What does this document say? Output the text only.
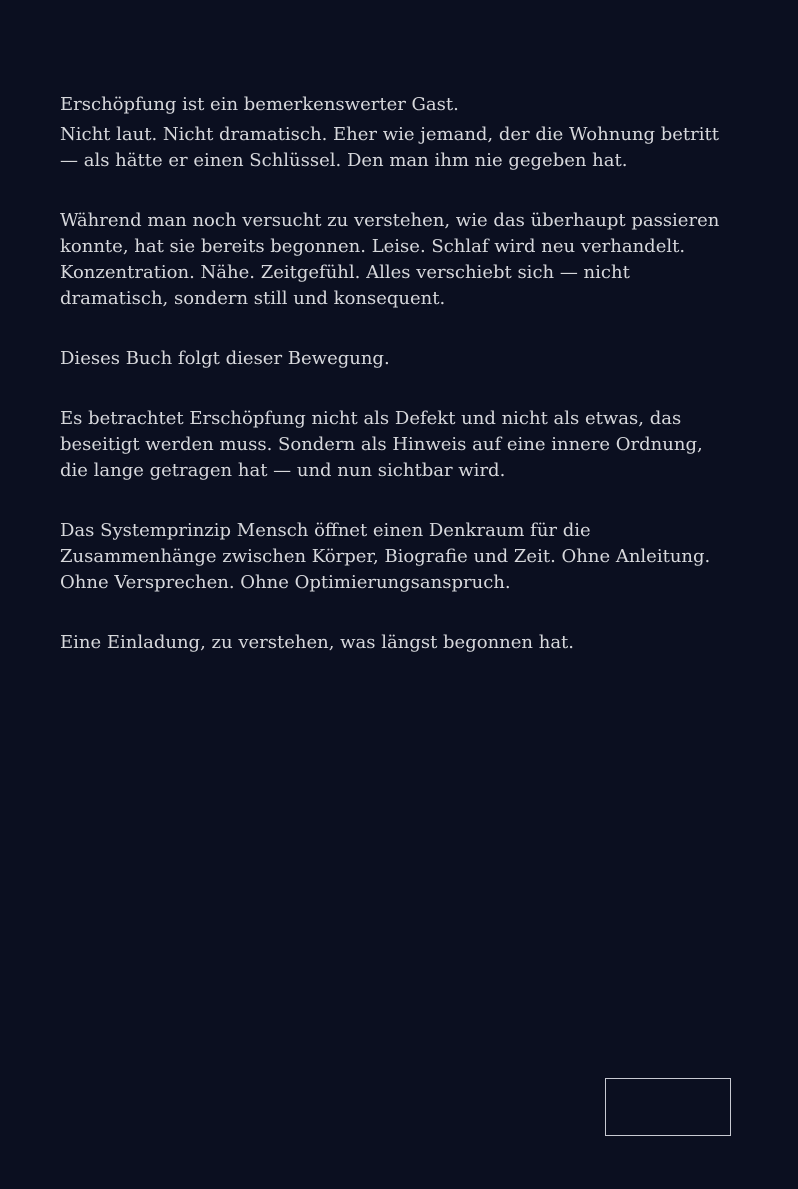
Erschöpfung ist ein bemerkenswerter Gast.

Nicht laut. Nicht dramatisch. Eher wie jemand, der die Wohnung betritt — als hätte er einen Schlüssel. Den man ihm nie gegeben hat.

Während man noch versucht zu verstehen, wie das überhaupt passieren konnte, hat sie bereits begonnen. Leise. Schlaf wird neu verhandelt. Konzentration. Nähe. Zeitgefühl. Alles verschiebt sich — nicht dramatisch, sondern still und konsequent.

Dieses Buch folgt dieser Bewegung.

Es betrachtet Erschöpfung nicht als Defekt und nicht als etwas, das beseitigt werden muss. Sondern als Hinweis auf eine innere Ordnung, die lange getragen hat — und nun sichtbar wird.

Das Systemprinzip Mensch öffnet einen Denkraum für die Zusammenhänge zwischen Körper, Biografie und Zeit. Ohne Anleitung. Ohne Versprechen. Ohne Optimierungsanspruch.

Eine Einladung, zu verstehen, was längst begonnen hat.
